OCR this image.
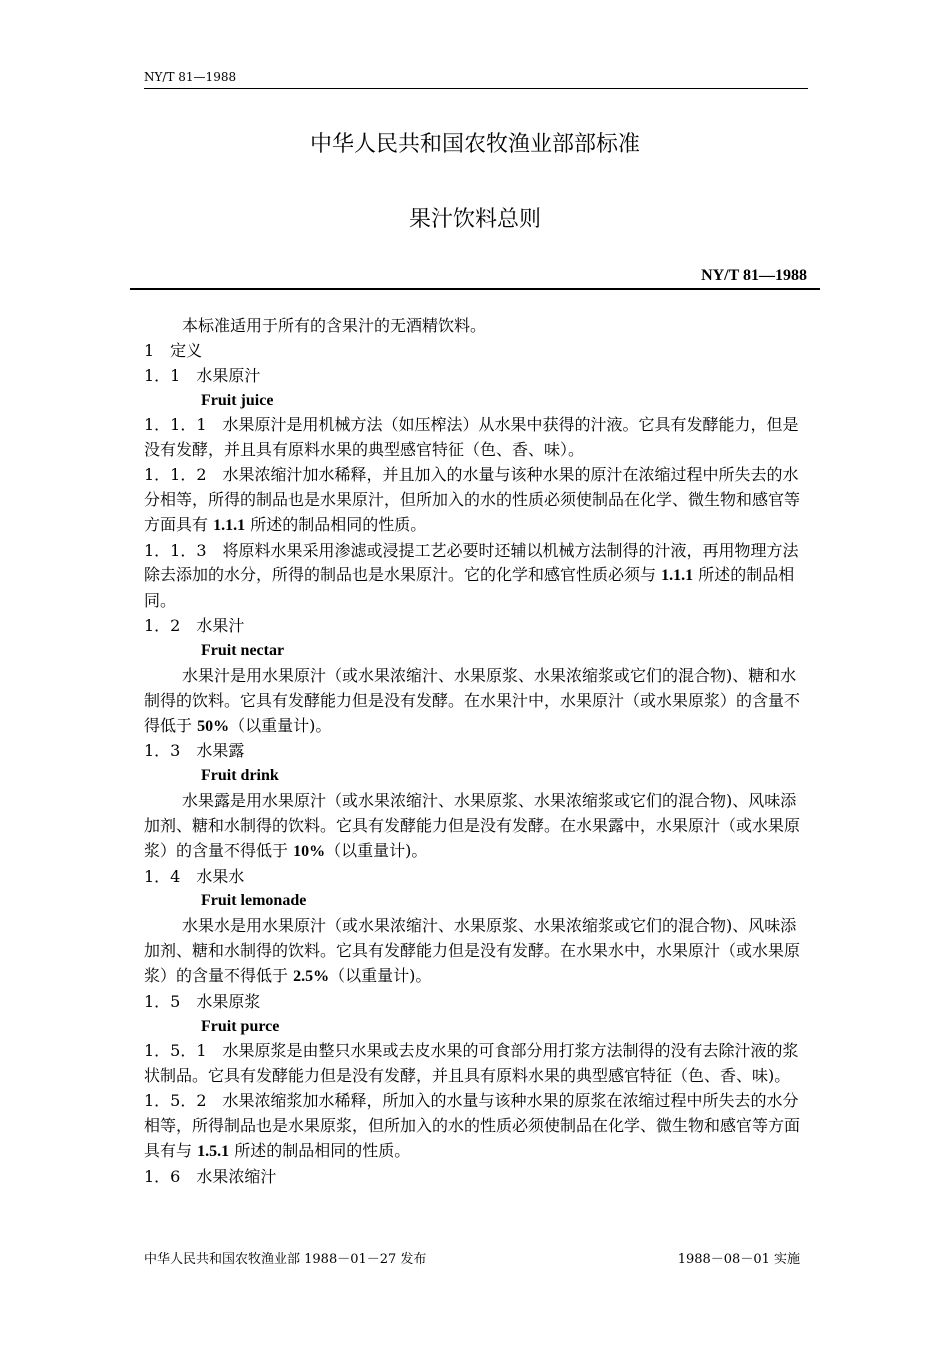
NY/T 81—1988
中华人民共和国农牧渔业部部标准
果汁饮料总则
NY/T 81—1988

本标准适用于所有的含果汁的无酒精饮料。

1　定义

1．1　水果原汁

Fruit juice

1．1．1　水果原汁是用机械方法（如压榨法）从水果中获得的汁液。它具有发酵能力，但是没有发酵，并且具有原料水果的典型感官特征（色、香、味）。

1．1．2　水果浓缩汁加水稀释，并且加入的水量与该种水果的原汁在浓缩过程中所失去的水分相等，所得的制品也是水果原汁，但所加入的水的性质必须使制品在化学、微生物和感官等方面具有 1.1.1 所述的制品相同的性质。

1．1．3　将原料水果采用渗滤或浸提工艺必要时还辅以机械方法制得的汁液，再用物理方法除去添加的水分，所得的制品也是水果原汁。它的化学和感官性质必须与 1.1.1 所述的制品相同。

1．2　水果汁

Fruit nectar

水果汁是用水果原汁（或水果浓缩汁、水果原浆、水果浓缩浆或它们的混合物)、糖和水制得的饮料。它具有发酵能力但是没有发酵。在水果汁中，水果原汁（或水果原浆）的含量不得低于 50%（以重量计)。

1．3　水果露

Fruit drink

水果露是用水果原汁（或水果浓缩汁、水果原浆、水果浓缩浆或它们的混合物)、风味添加剂、糖和水制得的饮料。它具有发酵能力但是没有发酵。在水果露中，水果原汁（或水果原浆）的含量不得低于 10%（以重量计)。

1．4　水果水

Fruit lemonade

水果水是用水果原汁（或水果浓缩汁、水果原浆、水果浓缩浆或它们的混合物)、风味添加剂、糖和水制得的饮料。它具有发酵能力但是没有发酵。在水果水中，水果原汁（或水果原浆）的含量不得低于 2.5%（以重量计)。

1．5　水果原浆

Fruit purce

1．5．1　水果原浆是由整只水果或去皮水果的可食部分用打浆方法制得的没有去除汁液的浆状制品。它具有发酵能力但是没有发酵，并且具有原料水果的典型感官特征（色、香、味)。

1．5．2　水果浓缩浆加水稀释，所加入的水量与该种水果的原浆在浓缩过程中所失去的水分相等，所得制品也是水果原浆，但所加入的水的性质必须使制品在化学、微生物和感官等方面具有与 1.5.1 所述的制品相同的性质。

1．6　水果浓缩汁

中华人民共和国农牧渔业部 1988－01－27 发布	1988－08－01 实施
